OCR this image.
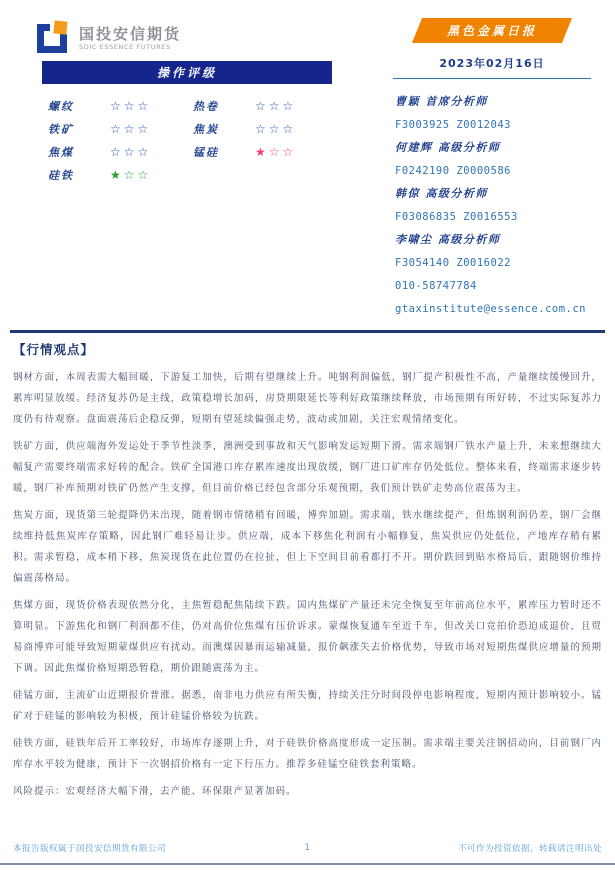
国投安信期货
SDIC ESSENCE FUTURES
操作评级
螺纹	☆☆☆	热卷	☆☆☆
铁矿	☆☆☆	焦炭	☆☆☆
焦煤	☆☆☆	锰硅	★☆☆
硅铁	★☆☆
黑色金属日报
2023年02月16日
曹颖 首席分析师
F3003925 Z0012043
何建辉 高级分析师
F0242190 Z0000586
韩倞 高级分析师
F03086835 Z0016553
李啸尘 高级分析师
F3054140 Z0016022
010-58747784
gtaxinstitute@essence.com.cn
【行情观点】

钢材方面，本周表需大幅回暖，下游复工加快，后期有望继续上升。吨钢利润偏低，钢厂提产积极性不高，产量继续缓慢回升，累库明显放缓。经济复苏仍是主线，政策稳增长加码，房贷期限延长等利好政策继续释放，市场预期有所好转，不过实际复苏力度仍有待观察。盘面震荡后企稳反弹，短期有望延续偏强走势，波动或加剧，关注宏观情绪变化。

铁矿方面，供应端海外发运处于季节性淡季，澳洲受到事故和天气影响发运短期下滑。需求端钢厂铁水产量上升，未来想继续大幅复产需要终端需求好转的配合。铁矿全国港口库存累库速度出现放缓，钢厂进口矿库存仍处低位。整体来看，终端需求逐步转暖，钢厂补库预期对铁矿仍然产生支撑，但目前价格已经包含部分乐观预期，我们预计铁矿走势高位震荡为主。

焦炭方面，现货第三轮提降仍未出现，随着钢市情绪稍有回暖，博弈加剧。需求端，铁水继续提产，但炼钢利润仍差，钢厂会继续维持低焦炭库存策略，因此钢厂难轻易让步。供应端，成本下移焦化利润有小幅修复，焦炭供应仍处低位，产地库存稍有累积。需求暂稳，成本稍下移，焦炭现货在此位置仍在拉扯，但上下空间目前看都打不开。期价跌回到贴水格局后，跟随钢价维持偏震荡格局。

焦煤方面，现货价格表现依然分化，主焦暂稳配焦陆续下跌。国内焦煤矿产量还未完全恢复至年前高位水平，累库压力暂时还不算明显。下游焦化和钢厂利润都不佳，仍对高价位焦煤有压价诉求。蒙煤恢复通车至近千车，但改关口竞拍价恐迫成退价，且贸易商博弈可能导致短期蒙煤供应有扰动。而澳煤因暴雨运输减量，报价飙涨失去价格优势，导致市场对短期焦煤供应增量的预期下调。因此焦煤价格短期恐暂稳，期价跟随震荡为主。

硅锰方面，主流矿山近期报价普涨。据悉，南非电力供应有所失衡，持续关注分时间段停电影响程度，短期内预计影响较小。锰矿对于硅锰的影响较为积极，预计硅锰价格较为抗跌。

硅铁方面，硅铁年后开工率较好，市场库存逐期上升，对于硅铁价格高度形成一定压制。需求端主要关注钢招动向，目前钢厂内库存水平较为健康，预计下一次钢招价格有一定下行压力。推荐多硅锰空硅铁套利策略。

风险提示：宏观经济大幅下滑，去产能、环保限产显著加码。

本报告版权属于国投安信期货有限公司	1	不可作为投资依据，转载请注明出处
